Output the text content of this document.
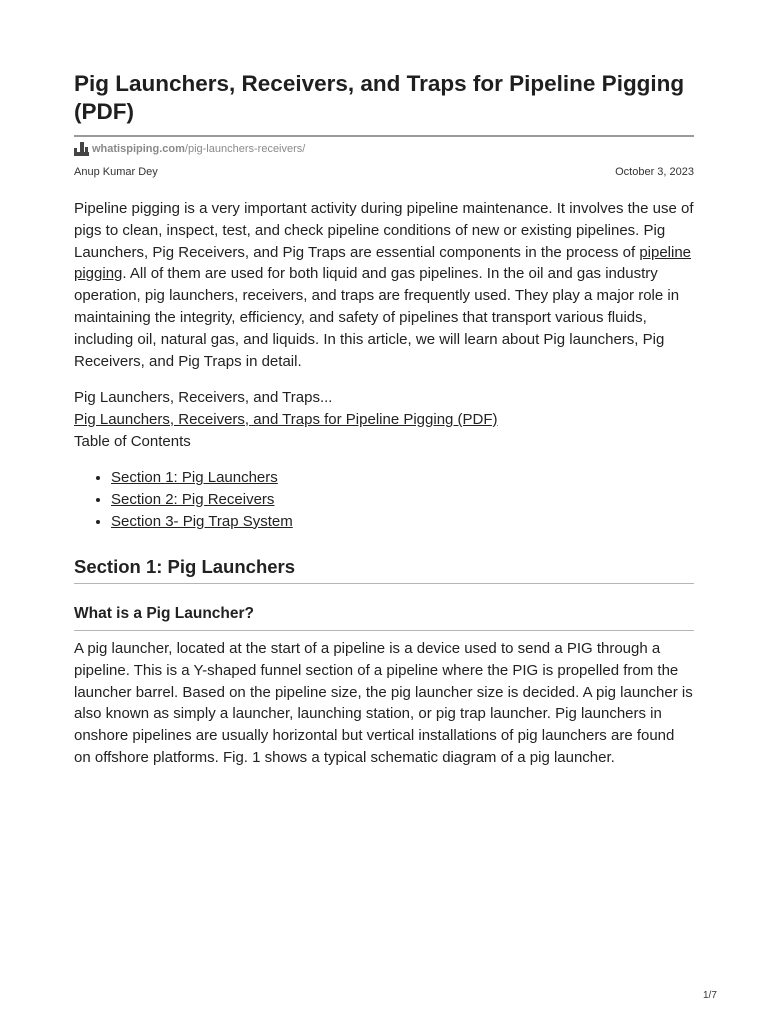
Pig Launchers, Receivers, and Traps for Pipeline Pigging (PDF)
whatispiping.com/pig-launchers-receivers/
Anup Kumar Dey	October 3, 2023

Pipeline pigging is a very important activity during pipeline maintenance. It involves the use of pigs to clean, inspect, test, and check pipeline conditions of new or existing pipelines. Pig Launchers, Pig Receivers, and Pig Traps are essential components in the process of pipeline pigging. All of them are used for both liquid and gas pipelines. In the oil and gas industry operation, pig launchers, receivers, and traps are frequently used. They play a major role in maintaining the integrity, efficiency, and safety of pipelines that transport various fluids, including oil, natural gas, and liquids. In this article, we will learn about Pig launchers, Pig Receivers, and Pig Traps in detail.

Pig Launchers, Receivers, and Traps...
Pig Launchers, Receivers, and Traps for Pipeline Pigging (PDF)
Table of Contents
• Section 1: Pig Launchers
• Section 2: Pig Receivers
• Section 3- Pig Trap System
Section 1: Pig Launchers
What is a Pig Launcher?

A pig launcher, located at the start of a pipeline is a device used to send a PIG through a pipeline. This is a Y-shaped funnel section of a pipeline where the PIG is propelled from the launcher barrel. Based on the pipeline size, the pig launcher size is decided. A pig launcher is also known as simply a launcher, launching station, or pig trap launcher. Pig launchers in onshore pipelines are usually horizontal but vertical installations of pig launchers are found on offshore platforms. Fig. 1 shows a typical schematic diagram of a pig launcher.

1/7
